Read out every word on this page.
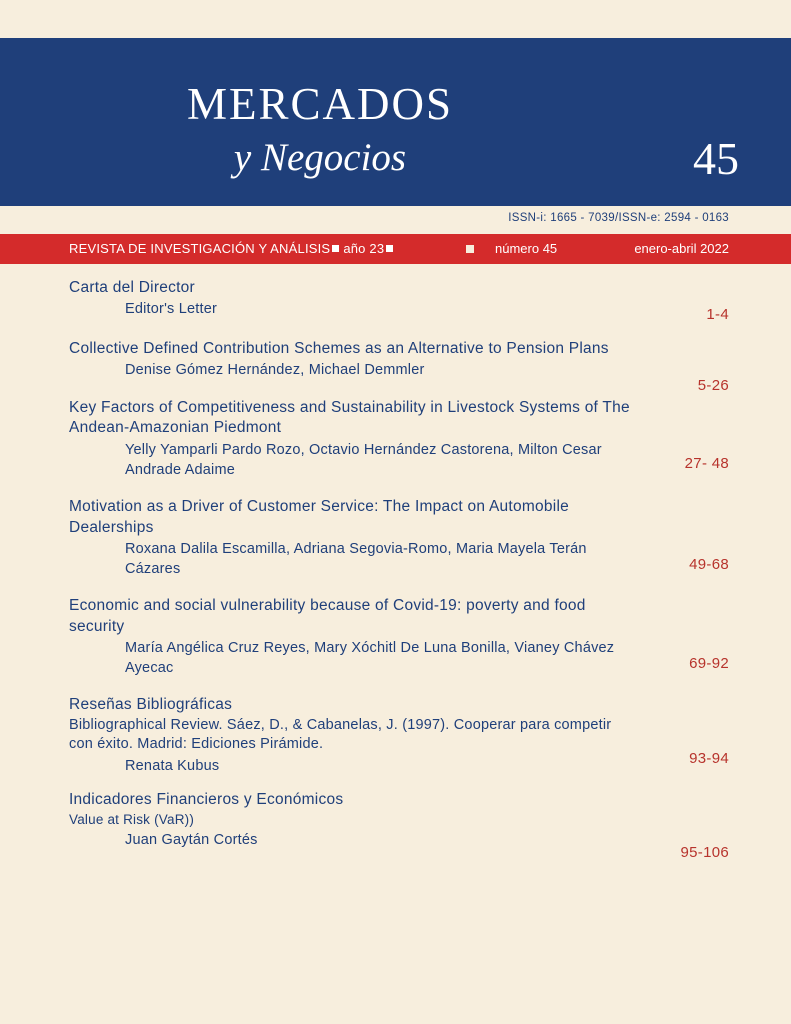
MERCADOS
y Negocios	45
ISSN-i: 1665 - 7039/ISSN-e: 2594 - 0163
REVISTA DE INVESTIGACIÓN Y ANÁLISIS año 23	número 45	enero-abril 2022
Carta del Director
Editor's Letter	1-4
Collective Defined Contribution Schemes as an Alternative to Pension Plans
Denise Gómez Hernández, Michael Demmler
5-26
Key Factors of Competitiveness and Sustainability in Livestock Systems of The Andean-Amazonian Piedmont
Yelly Yamparli Pardo Rozo, Octavio Hernández Castorena, Milton Cesar Andrade Adaime	27- 48
Motivation as a Driver of Customer Service: The Impact on Automobile Dealerships
Roxana Dalila Escamilla, Adriana Segovia-Romo, Maria Mayela Terán Cázares	49-68
Economic and social vulnerability because of Covid-19: poverty and food security
María Angélica Cruz Reyes, Mary Xóchitl De Luna Bonilla, Vianey Chávez Ayecac	69-92
Reseñas Bibliográficas
Bibliographical Review. Sáez, D., & Cabanelas, J. (1997). Cooperar para competir con éxito. Madrid: Ediciones Pirámide.
Renata Kubus	93-94
Indicadores Financieros y Económicos
Value at Risk (VaR))
Juan Gaytán Cortés
95-106
